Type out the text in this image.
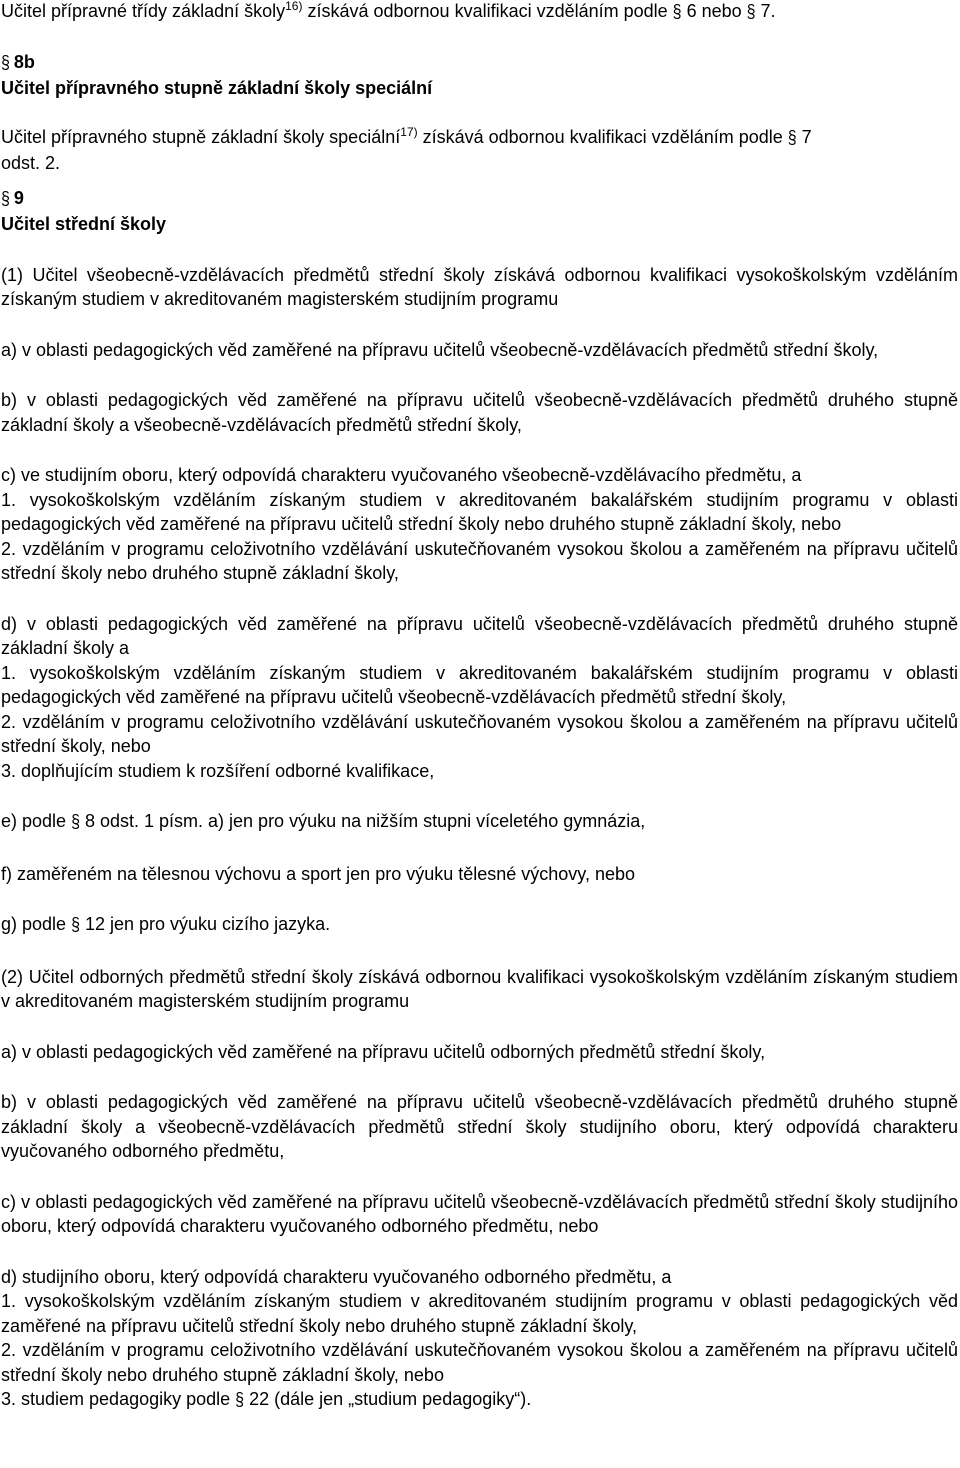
Učitel přípravné třídy základní školy$^{16)}$ získává odbornou kvalifikaci vzděláním podle § 6 nebo § 7.

§ 8b

Učitel přípravného stupně základní školy speciální

Učitel přípravného stupně základní školy speciální$^{17)}$ získává odbornou kvalifikaci vzděláním podle § 7
odst. 2.

§ 9

Učitel střední školy

(1) Učitel všeobecně-vzdělávacích předmětů střední školy získává odbornou kvalifikaci vysokoškolským vzděláním získaným studiem v akreditovaném magisterském studijním programu

a) v oblasti pedagogických věd zaměřené na přípravu učitelů všeobecně-vzdělávacích předmětů střední školy,

b) v oblasti pedagogických věd zaměřené na přípravu učitelů všeobecně-vzdělávacích předmětů druhého stupně základní školy a všeobecně-vzdělávacích předmětů střední školy,

c) ve studijním oboru, který odpovídá charakteru vyučovaného všeobecně-vzdělávacího předmětu, a

1. vysokoškolským vzděláním získaným studiem v akreditovaném bakalářském studijním programu v oblasti pedagogických věd zaměřené na přípravu učitelů střední školy nebo druhého stupně základní školy, nebo

2. vzděláním v programu celoživotního vzdělávání uskutečňovaném vysokou školou a zaměřeném na přípravu učitelů střední školy nebo druhého stupně základní školy,

d) v oblasti pedagogických věd zaměřené na přípravu učitelů všeobecně-vzdělávacích předmětů druhého stupně základní školy a

1. vysokoškolským vzděláním získaným studiem v akreditovaném bakalářském studijním programu v oblasti pedagogických věd zaměřené na přípravu učitelů všeobecně-vzdělávacích předmětů střední školy,

2. vzděláním v programu celoživotního vzdělávání uskutečňovaném vysokou školou a zaměřeném na přípravu učitelů střední školy, nebo

3. doplňujícím studiem k rozšíření odborné kvalifikace,

e) podle § 8 odst. 1 písm. a) jen pro výuku na nižším stupni víceletého gymnázia,

f) zaměřeném na tělesnou výchovu a sport jen pro výuku tělesné výchovy, nebo

g) podle § 12 jen pro výuku cizího jazyka.

(2) Učitel odborných předmětů střední školy získává odbornou kvalifikaci vysokoškolským vzděláním získaným studiem v akreditovaném magisterském studijním programu

a) v oblasti pedagogických věd zaměřené na přípravu učitelů odborných předmětů střední školy,

b) v oblasti pedagogických věd zaměřené na přípravu učitelů všeobecně-vzdělávacích předmětů druhého stupně základní školy a všeobecně-vzdělávacích předmětů střední školy studijního oboru, který odpovídá charakteru vyučovaného odborného předmětu,

c) v oblasti pedagogických věd zaměřené na přípravu učitelů všeobecně-vzdělávacích předmětů střední školy studijního oboru, který odpovídá charakteru vyučovaného odborného předmětu, nebo

d) studijního oboru, který odpovídá charakteru vyučovaného odborného předmětu, a

1. vysokoškolským vzděláním získaným studiem v akreditovaném studijním programu v oblasti pedagogických věd zaměřené na přípravu učitelů střední školy nebo druhého stupně základní školy,

2. vzděláním v programu celoživotního vzdělávání uskutečňovaném vysokou školou a zaměřeném na přípravu učitelů střední školy nebo druhého stupně základní školy, nebo

3. studiem pedagogiky podle § 22 (dále jen „studium pedagogiky“).
